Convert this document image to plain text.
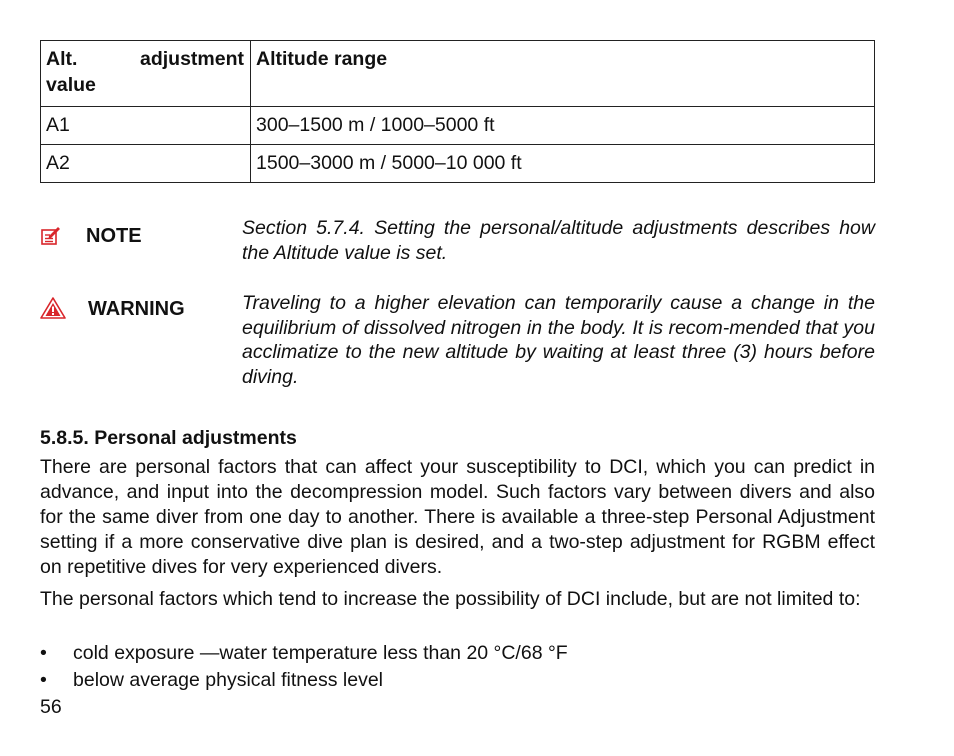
Alt. adjustment
value	Altitude range
A1	300–1500 m / 1000–5000 ft
A2	1500–3000 m / 5000–10 000 ft
NOTE	Section 5.7.4. Setting the personal/altitude adjustments describes how the Altitude value is set.

WARNING	Traveling to a higher elevation can temporarily cause a change in the equilibrium of dissolved nitrogen in the body. It is recom-mended that you acclimatize to the new altitude by waiting at least three (3) hours before diving.

5.8.5. Personal adjustments

There are personal factors that can affect your susceptibility to DCI, which you can predict in advance, and input into the decompression model. Such factors vary between divers and also for the same diver from one day to another. There is available a three-step Personal Adjustment setting if a more conservative dive plan is desired, and a two-step adjustment for RGBM effect on repetitive dives for very experienced divers.

The personal factors which tend to increase the possibility of DCI include, but are not limited to:

• cold exposure —water temperature less than 20 °C/68 °F
• below average physical fitness level
56
